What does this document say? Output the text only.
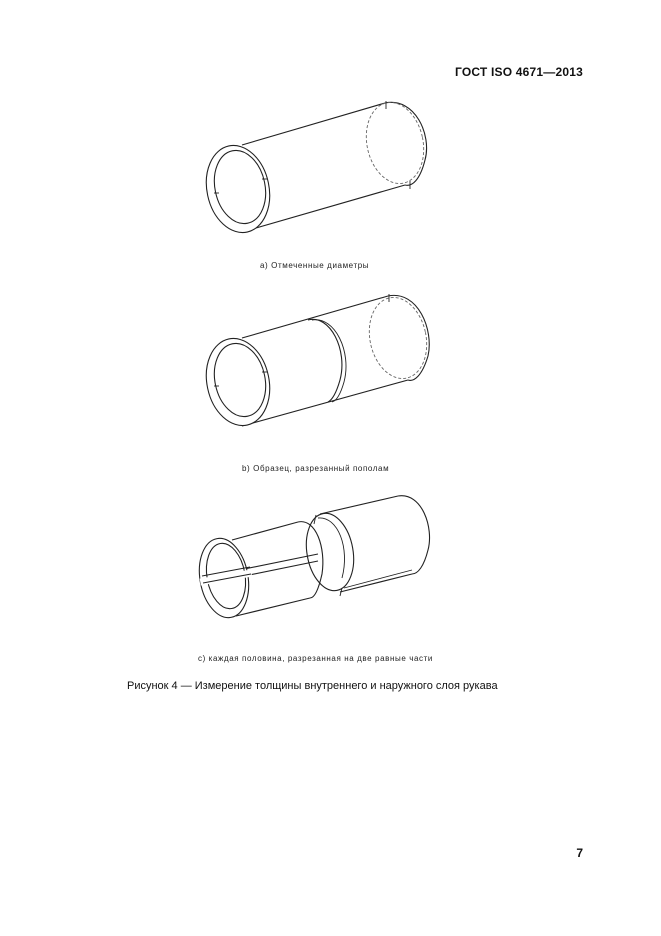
ГОСТ ISO 4671—2013
а) Отмеченные диаметры
b) Образец, разрезанный пополам
с) каждая половина, разрезанная на две равные части
Рисунок 4 — Измерение толщины внутреннего и наружного слоя рукава
7
